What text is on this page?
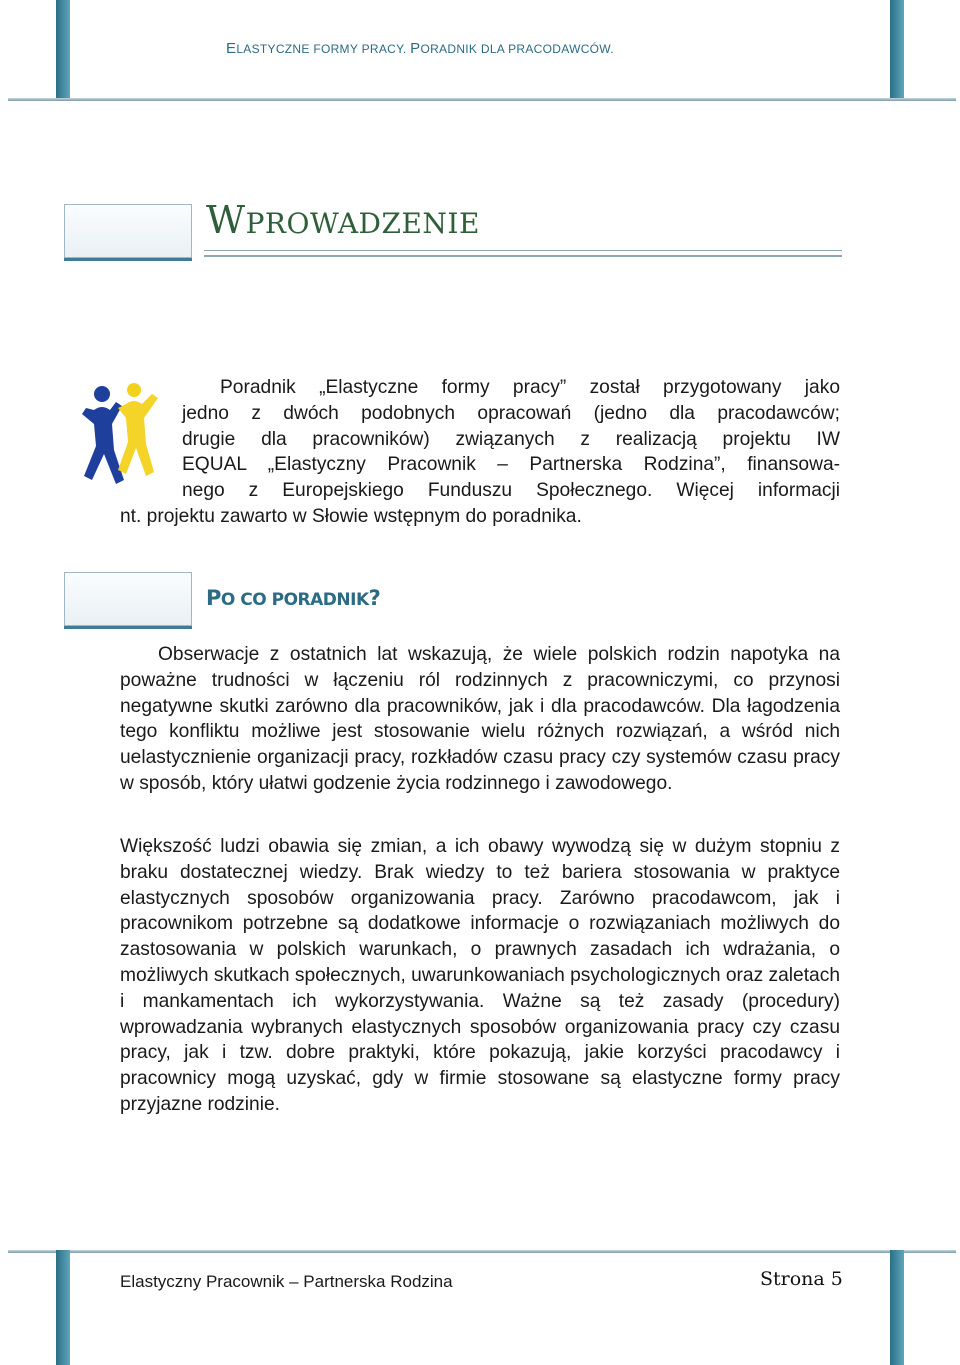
ELASTYCZNE FORMY PRACY. PORADNIK DLA PRACODAWCÓW.
WPROWADZENIE
Poradnik „Elastyczne formy pracy” został przygotowany jako
jedno z dwóch podobnych opracowań (jedno dla pracodawców;
drugie dla pracowników) związanych z realizacją projektu IW
EQUAL „Elastyczny Pracownik – Partnerska Rodzina”, finansowa-
nego z Europejskiego Funduszu Społecznego. Więcej informacji
nt. projektu zawarto w Słowie wstępnym do poradnika.
PO CO PORADNIK?
Obserwacje z ostatnich lat wskazują, że wiele polskich rodzin napotyka na poważne trudności w łączeniu ról rodzinnych z pracowniczymi, co przynosi negatywne skutki zarówno dla pracowników, jak i dla pracodawców. Dla łagodzenia tego konfliktu możliwe jest stosowanie wielu różnych rozwiązań, a wśród nich uelastycznienie organizacji pracy, rozkładów czasu pracy czy systemów czasu pracy w sposób, który ułatwi godzenie życia rodzinnego i zawodowego.
Większość ludzi obawia się zmian, a ich obawy wywodzą się w dużym stopniu z braku dostatecznej wiedzy. Brak wiedzy to też bariera stosowania w praktyce elastycznych sposobów organizowania pracy. Zarówno pracodawcom, jak i pracownikom potrzebne są dodatkowe informacje o rozwiązaniach możliwych do zastosowania w polskich warunkach, o prawnych zasadach ich wdrażania, o możliwych skutkach społecznych, uwarunkowaniach psychologicznych oraz zaletach i mankamentach ich wykorzystywania. Ważne są też zasady (procedury) wprowadzania wybranych elastycznych sposobów organizowania pracy czy czasu pracy, jak i tzw. dobre praktyki, które pokazują, jakie korzyści pracodawcy i pracownicy mogą uzyskać, gdy w firmie stosowane są elastyczne formy pracy przyjazne rodzinie.
Elastyczny Pracownik – Partnerska Rodzina	Strona 5
